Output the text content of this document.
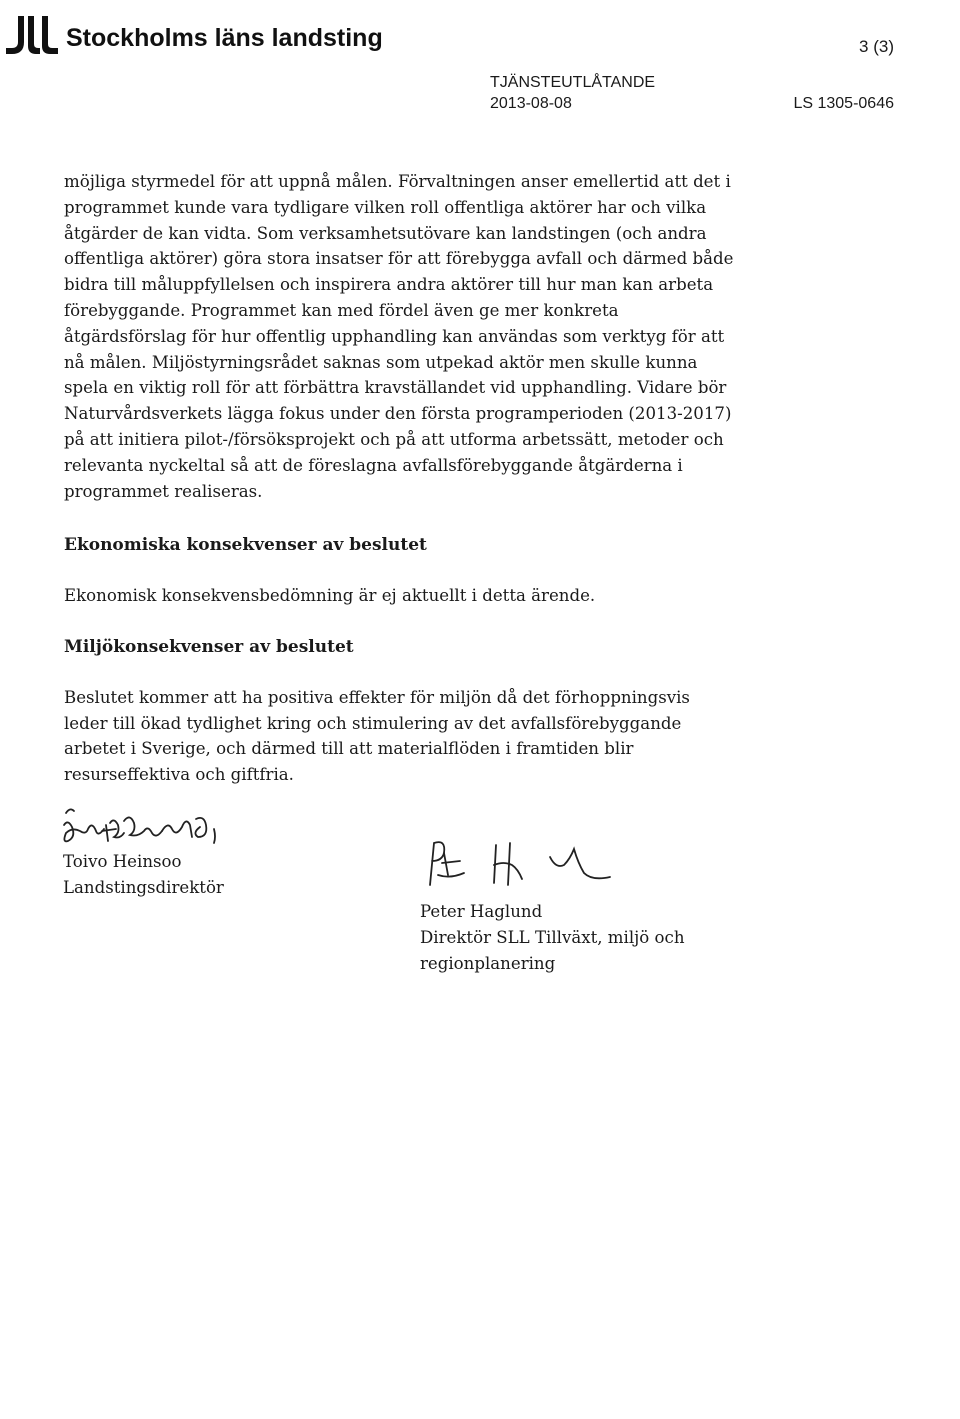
Stockholms läns landsting	3 (3)
TJÄNSTEUTLÅTANDE
2013-08-08	LS 1305-0646

möjliga styrmedel för att uppnå målen. Förvaltningen anser emellertid att det i programmet kunde vara tydligare vilken roll offentliga aktörer har och vilka åtgärder de kan vidta. Som verksamhetsutövare kan landstingen (och andra offentliga aktörer) göra stora insatser för att förebygga avfall och därmed både bidra till måluppfyllelsen och inspirera andra aktörer till hur man kan arbeta förebyggande. Programmet kan med fördel även ge mer konkreta åtgärdsförslag för hur offentlig upphandling kan användas som verktyg för att nå målen. Miljöstyrningsrådet saknas som utpekad aktör men skulle kunna spela en viktig roll för att förbättra kravställandet vid upphandling. Vidare bör Naturvårdsverkets lägga fokus under den första programperioden (2013-2017) på att initiera pilot-/försöksprojekt och på att utforma arbetssätt, metoder och relevanta nyckeltal så att de föreslagna avfallsförebyggande åtgärderna i programmet realiseras.

Ekonomiska konsekvenser av beslutet

Ekonomisk konsekvensbedömning är ej aktuellt i detta ärende.

Miljökonsekvenser av beslutet

Beslutet kommer att ha positiva effekter för miljön då det förhoppningsvis leder till ökad tydlighet kring och stimulering av det avfallsförebyggande arbetet i Sverige, och därmed till att materialflöden i framtiden blir resurseffektiva och giftfria.

Toivo Heinsoo
Landstingsdirektör
Peter Haglund
Direktör SLL Tillväxt, miljö och
regionplanering
